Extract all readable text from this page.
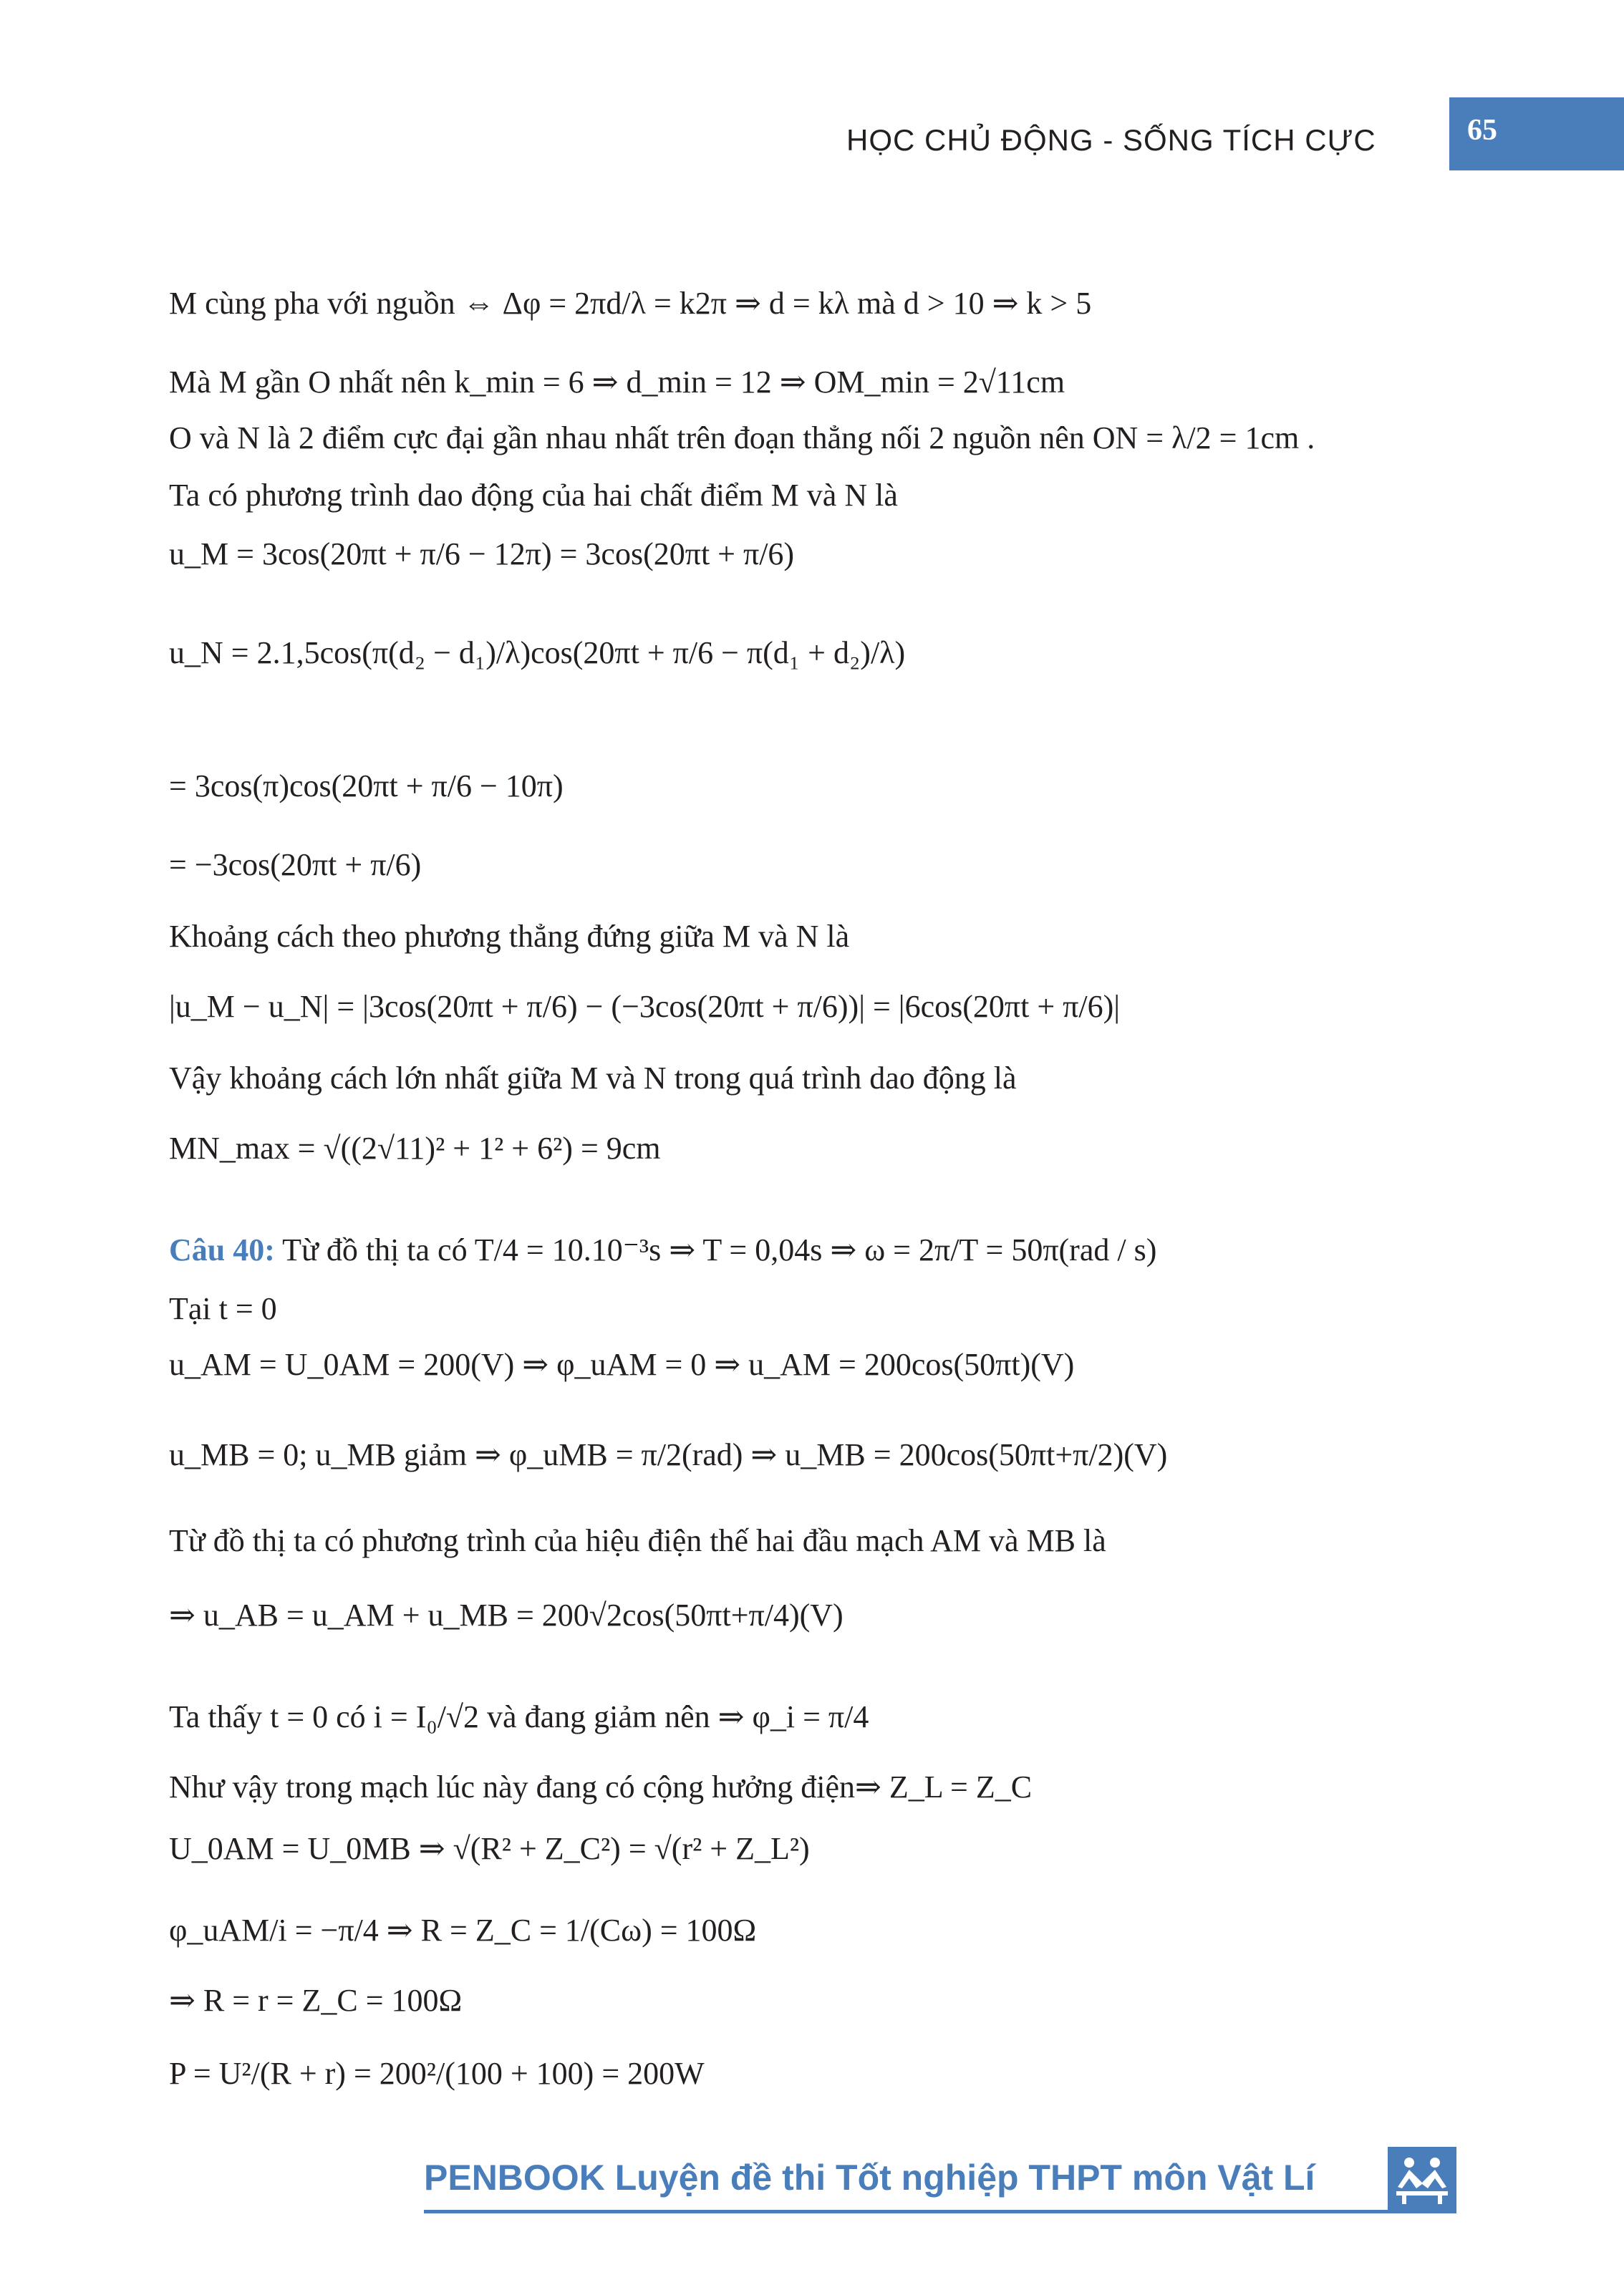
HỌC CHỦ ĐỘNG - SỐNG TÍCH CỰC	65
M cùng pha với nguồn ⇔ Δφ = 2πd/λ = k2π ⇒ d = kλ mà d > 10 ⇒ k > 5
Mà M gần O nhất nên k_min = 6 ⇒ d_min = 12 ⇒ OM_min = 2√11cm
O và N là 2 điểm cực đại gần nhau nhất trên đoạn thẳng nối 2 nguồn nên ON = λ/2 = 1cm .
Ta có phương trình dao động của hai chất điểm M và N là
u_M = 3cos(20πt + π/6 − 12π) = 3cos(20πt + π/6)
u_N = 2.1,5cos(π(d₂ − d₁)/λ)cos(20πt + π/6 − π(d₁ + d₂)/λ)
= 3cos(π)cos(20πt + π/6 − 10π)
= −3cos(20πt + π/6)
Khoảng cách theo phương thẳng đứng giữa M và N là
|u_M − u_N| = |3cos(20πt + π/6) − (−3cos(20πt + π/6))| = |6cos(20πt + π/6)|
Vậy khoảng cách lớn nhất giữa M và N trong quá trình dao động là
MN_max = √((2√11)² + 1² + 6²) = 9cm
Câu 40: Từ đồ thị ta có T/4 = 10.10⁻³s ⇒ T = 0,04s ⇒ ω = 2π/T = 50π(rad / s)
Tại t = 0
u_AM = U_0AM = 200(V) ⇒ φ_uAM = 0 ⇒ u_AM = 200cos(50πt)(V)
u_MB = 0; u_MB giảm ⇒ φ_uMB = π/2(rad) ⇒ u_MB = 200cos(50πt+π/2)(V)
Từ đồ thị ta có phương trình của hiệu điện thế hai đầu mạch AM và MB là
⇒ u_AB = u_AM + u_MB = 200√2cos(50πt+π/4)(V)
Ta thấy t = 0 có i = I₀/√2 và đang giảm nên ⇒ φ_i = π/4
Như vậy trong mạch lúc này đang có cộng hưởng điện⇒ Z_L = Z_C
U_0AM = U_0MB ⇒ √(R² + Z_C²) = √(r² + Z_L²)
φ_uAM/i = −π/4 ⇒ R = Z_C = 1/(Cω) = 100Ω
⇒ R = r = Z_C = 100Ω
P = U²/(R + r) = 200²/(100 + 100) = 200W
PENBOOK Luyện đề thi Tốt nghiệp THPT môn Vật Lí
